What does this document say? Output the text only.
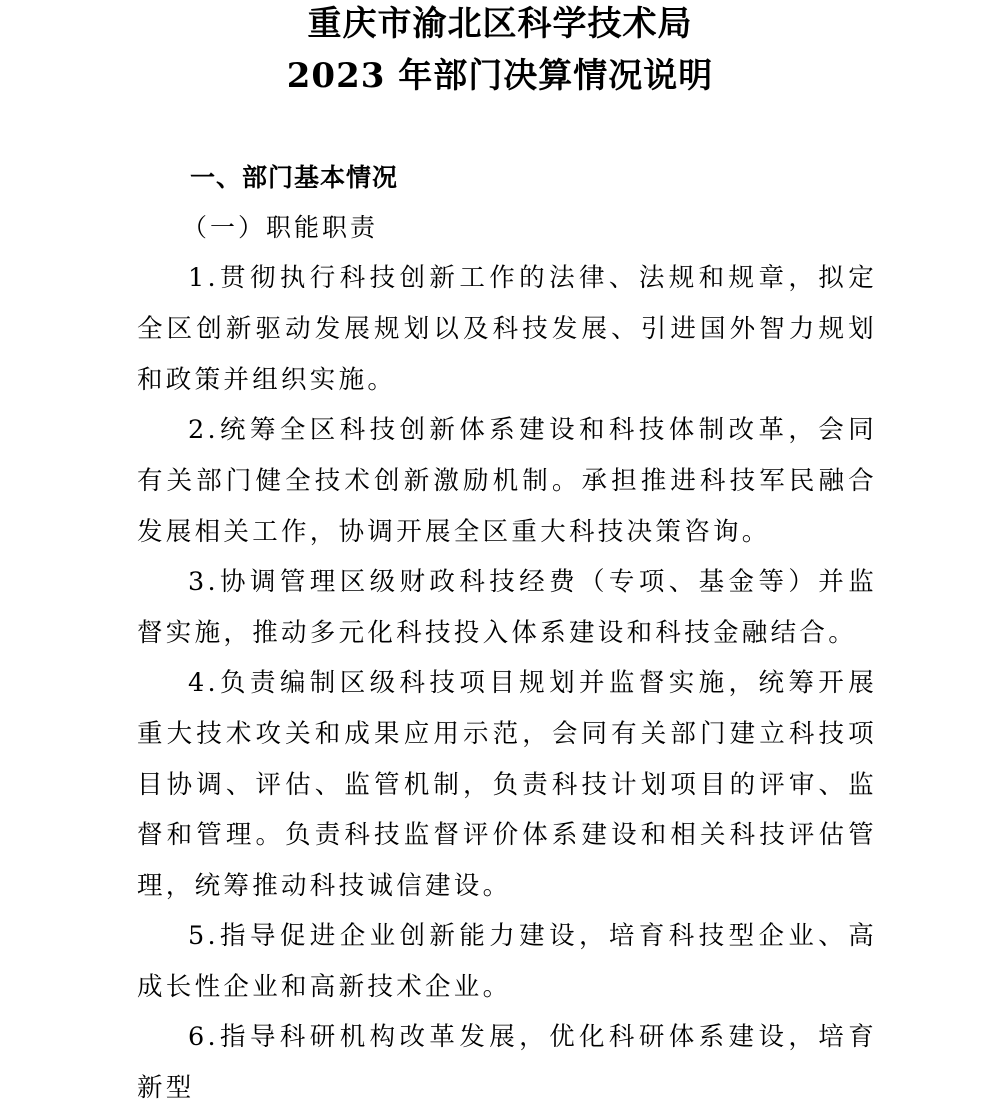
重庆市渝北区科学技术局
2023 年部门决算情况说明
一、部门基本情况
（一）职能职责

1.贯彻执行科技创新工作的法律、法规和规章，拟定全区创新驱动发展规划以及科技发展、引进国外智力规划和政策并组织实施。

2.统筹全区科技创新体系建设和科技体制改革，会同有关部门健全技术创新激励机制。承担推进科技军民融合发展相关工作，协调开展全区重大科技决策咨询。

3.协调管理区级财政科技经费（专项、基金等）并监督实施，推动多元化科技投入体系建设和科技金融结合。

4.负责编制区级科技项目规划并监督实施，统筹开展重大技术攻关和成果应用示范，会同有关部门建立科技项目协调、评估、监管机制，负责科技计划项目的评审、监督和管理。负责科技监督评价体系建设和相关科技评估管理，统筹推动科技诚信建设。

5.指导促进企业创新能力建设，培育科技型企业、高成长性企业和高新技术企业。

6.指导科研机构改革发展，优化科研体系建设，培育新型
